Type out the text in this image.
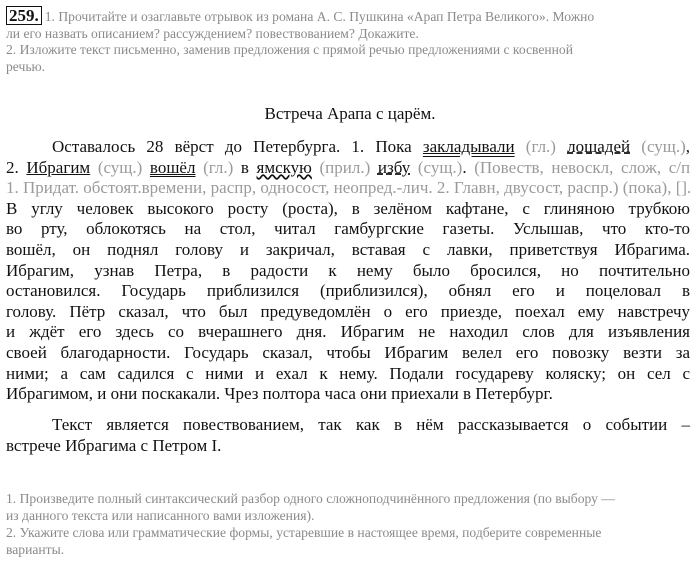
259. 1. Прочитайте и озаглавьте отрывок из романа А. С. Пушкина «Арап Петра Великого». Можно
ли его назвать описанием? рассуждением? повествованием? Докажите.
2. Изложите текст письменно, заменив предложения с прямой речью предложениями с косвенной
речью.
Встреча Арапа с царём.
Оставалось 28 вёрст до Петербурга. 1. Пока закладывали (гл.) лошадей (сущ.),
2. Ибрагим (сущ.) вошёл (гл.) в ямскую (прил.) избу (сущ.). (Повеств, невоскл, слож, с/п
1. Придат. обстоят.времени, распр, односост, неопред.-лич. 2. Главн, двусост, распр.) (пока), [].
В углу человек высокого росту (роста), в зелёном кафтане, с глиняною трубкою
во рту, облокотясь на стол, читал гамбургские газеты. Услышав, что кто-то
вошёл, он поднял голову и закричал, вставая с лавки, приветствуя Ибрагима.
Ибрагим, узнав Петра, в радости к нему было бросился, но почтительно
остановился. Государь приблизился (приблизился), обнял его и поцеловал в
голову. Пётр сказал, что был предуведомлён о его приезде, поехал ему навстречу
и ждёт его здесь со вчерашнего дня. Ибрагим не находил слов для изъявления
своей благодарности. Государь сказал, чтобы Ибрагим велел его повозку везти за
ними; а сам садился с ними и ехал к нему. Подали государеву коляску; он сел с
Ибрагимом, и они поскакали. Чрез полтора часа они приехали в Петербург.
Текст является повествованием, так как в нём рассказывается о событии –
встрече Ибрагима с Петром I.
1. Произведите полный синтаксический разбор одного сложноподчинённого предложения (по выбору —
из данного текста или написанного вами изложения).
2. Укажите слова или грамматические формы, устаревшие в настоящее время, подберите современные
варианты.
